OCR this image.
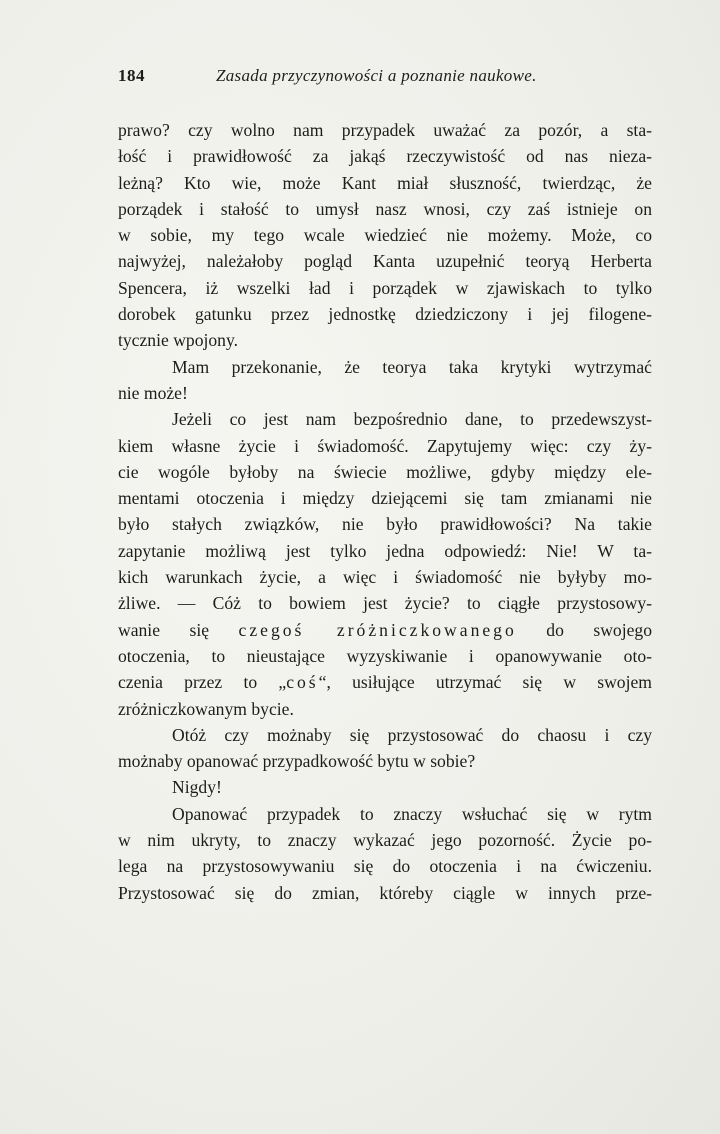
184	Zasada przyczynowości a poznanie naukowe.
prawo? czy wolno nam przypadek uważać za pozór, a sta-
łość i prawidłowość za jakąś rzeczywistość od nas nieza-
leżną? Kto wie, może Kant miał słuszność, twierdząc, że
porządek i stałość to umysł nasz wnosi, czy zaś istnieje on
w sobie, my tego wcale wiedzieć nie możemy. Może, co
najwyżej, należałoby pogląd Kanta uzupełnić teoryą Herberta
Spencera, iż wszelki ład i porządek w zjawiskach to tylko
dorobek gatunku przez jednostkę dziedziczony i jej filogene-
tycznie wpojony.
Mam przekonanie, że teorya taka krytyki wytrzymać
nie może!
Jeżeli co jest nam bezpośrednio dane, to przedewszyst-
kiem własne życie i świadomość. Zapytujemy więc: czy ży-
cie wogóle byłoby na świecie możliwe, gdyby między ele-
mentami otoczenia i między dziejącemi się tam zmianami nie
było stałych związków, nie było prawidłowości? Na takie
zapytanie możliwą jest tylko jedna odpowiedź: Nie! W ta-
kich warunkach życie, a więc i świadomość nie byłyby mo-
żliwe. — Cóż to bowiem jest życie? to ciągłe przystosowy-
wanie się czegoś zróżniczkowanego do swojego
otoczenia, to nieustające wyzyskiwanie i opanowywanie oto-
czenia przez to „coś“, usiłujące utrzymać się w swojem
zróżniczkowanym bycie.
Otóż czy możnaby się przystosować do chaosu i czy
możnaby opanować przypadkowość bytu w sobie?
Nigdy!
Opanować przypadek to znaczy wsłuchać się w rytm
w nim ukryty, to znaczy wykazać jego pozorność. Życie po-
lega na przystosowywaniu się do otoczenia i na ćwiczeniu.
Przystosować się do zmian, któreby ciągle w innych prze-
